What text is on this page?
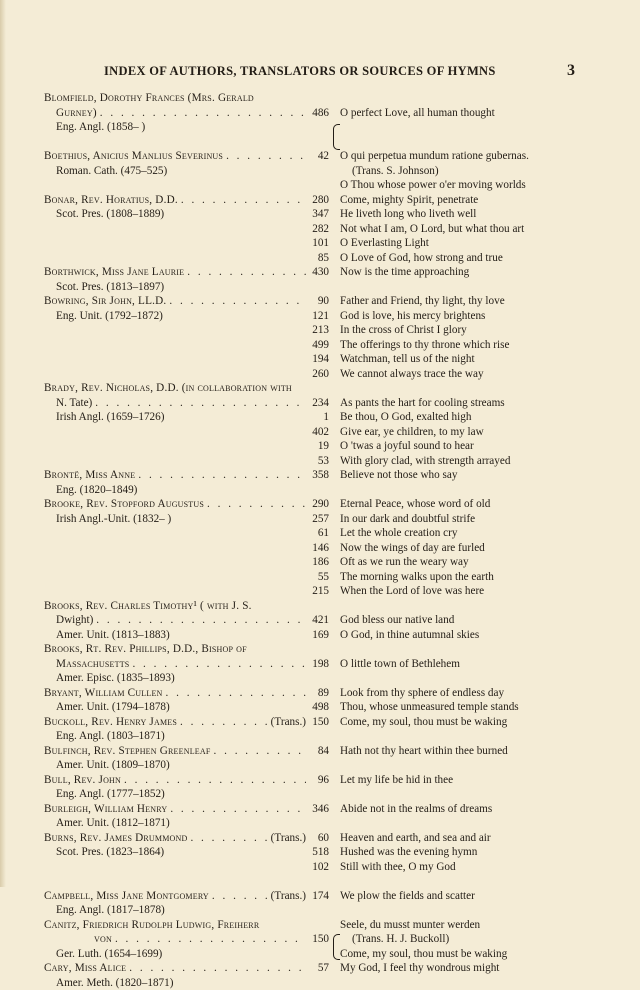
INDEX OF AUTHORS, TRANSLATORS OR SOURCES OF HYMNS	3
Blomfield, Dorothy Frances (Mrs. Gerald
Gurney) . . .	486 O perfect Love, all human thought
Eng. Angl. (1858– )
Boethius, Anicius Manlius Severinus . . .	42 O qui perpetua mundum ratione gubernas.
Roman. Cath. (475–525)	(Trans. S. Johnson)
O Thou whose power o'er moving worlds
Bonar, Rev. Horatius, D.D. . . .	280 Come, mighty Spirit, penetrate
Scot. Pres. (1808–1889)	347 He liveth long who liveth well
282 Not what I am, O Lord, but what thou art
101 O Everlasting Light
85 O Love of God, how strong and true
Borthwick, Miss Jane Laurie . . .	430 Now is the time approaching
Scot. Pres. (1813–1897)
Bowring, Sir John, LL.D. . . .	90 Father and Friend, thy light, thy love
Eng. Unit. (1792–1872)	121 God is love, his mercy brightens
213 In the cross of Christ I glory
499 The offerings to thy throne which rise
194 Watchman, tell us of the night
260 We cannot always trace the way
Brady, Rev. Nicholas, D.D. (in collaboration with
N. Tate) . . .	234 As pants the hart for cooling streams
Irish Angl. (1659–1726)	1 Be thou, O God, exalted high
402 Give ear, ye children, to my law
19 O 'twas a joyful sound to hear
53 With glory clad, with strength arrayed
Brontë, Miss Anne . . .	358 Believe not those who say
Eng. (1820–1849)
Brooke, Rev. Stopford Augustus . . .	290 Eternal Peace, whose word of old
Irish Angl.-Unit. (1832– )	257 In our dark and doubtful strife
61 Let the whole creation cry
146 Now the wings of day are furled
186 Oft as we run the weary way
55 The morning walks upon the earth
215 When the Lord of love was here
Brooks, Rev. Charles Timothy¹ ( with J. S.
Dwight) . . .	421 God bless our native land
Amer. Unit. (1813–1883)	169 O God, in thine autumnal skies
Brooks, Rt. Rev. Phillips, D.D., Bishop of
Massachusetts . . .	198 O little town of Bethlehem
Amer. Episc. (1835–1893)
Bryant, William Cullen . . .	89 Look from thy sphere of endless day
Amer. Unit. (1794–1878)	498 Thou, whose unmeasured temple stands
Buckoll, Rev. Henry James . . .	(Trans.) 150 Come, my soul, thou must be waking
Eng. Angl. (1803–1871)
Bulfinch, Rev. Stephen Greenleaf . . .	84 Hath not thy heart within thee burned
Amer. Unit. (1809–1870)
Bull, Rev. John . . .	96 Let my life be hid in thee
Eng. Angl. (1777–1852)
Burleigh, William Henry . . .	346 Abide not in the realms of dreams
Amer. Unit. (1812–1871)
Burns, Rev. James Drummond . . .	(Trans.)	60 Heaven and earth, and sea and air
Scot. Pres. (1823–1864)	518 Hushed was the evening hymn
102 Still with thee, O my God
Campbell, Miss Jane Montgomery . . .	(Trans.) 174 We plow the fields and scatter
Eng. Angl. (1817–1878)
Canitz, Friedrich Rudolph Ludwig, Freiherr	Seele, du musst munter werden
von . . .	150 (Trans. H. J. Buckoll)
Ger. Luth. (1654–1699)	Come, my soul, thou must be waking
Cary, Miss Alice . . .	57 My God, I feel thy wondrous might
Amer. Meth. (1820–1871)
